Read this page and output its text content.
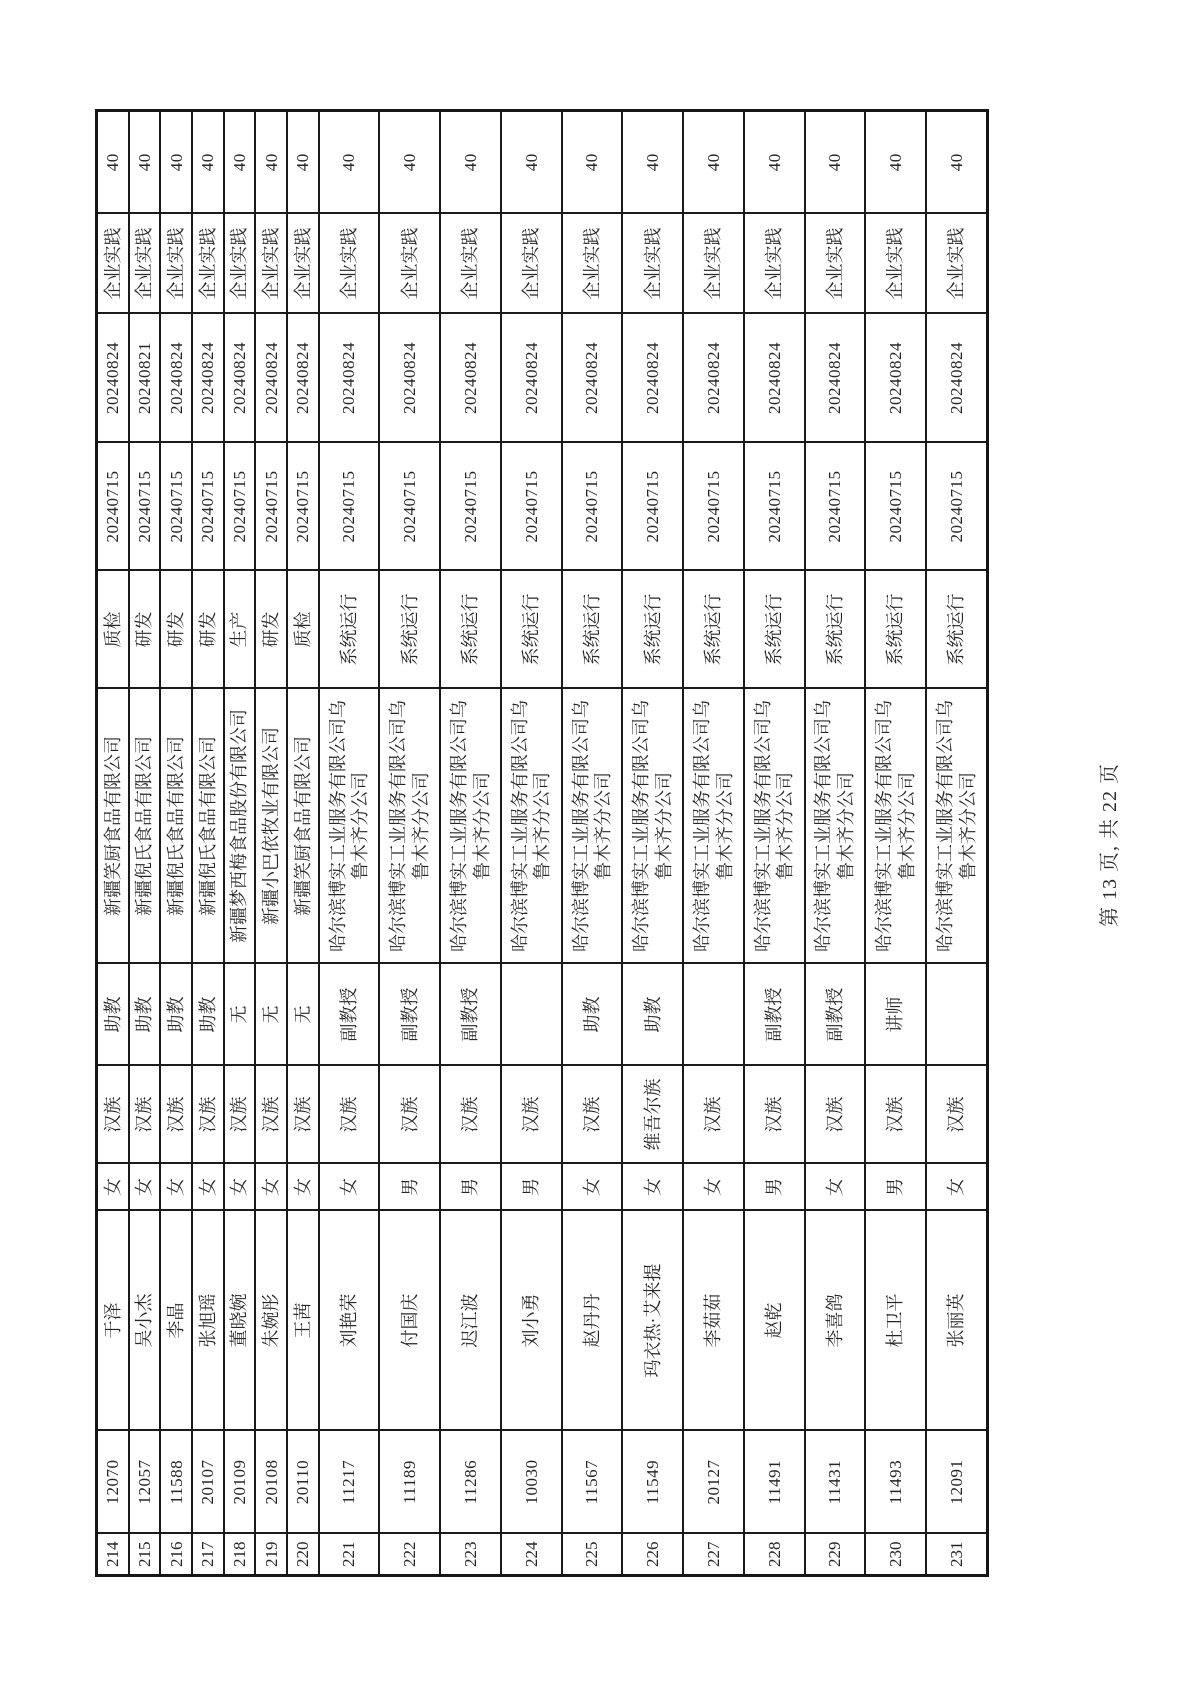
214	12070	于泽	女	汉族	助教	新疆笑厨食品有限公司	质检	20240715	20240824	企业实践	40
215	12057	吴小杰	女	汉族	助教	新疆倪氏食品有限公司	研发	20240715	20240821	企业实践	40
216	11588	李晶	女	汉族	助教	新疆倪氏食品有限公司	研发	20240715	20240824	企业实践	40
217	20107	张旭瑶	女	汉族	助教	新疆倪氏食品有限公司	研发	20240715	20240824	企业实践	40
218	20109	董晓婉	女	汉族	无	新疆梦西梅食品股份有限公司	生产	20240715	20240824	企业实践	40
219	20108	朱婉彤	女	汉族	无	新疆小巴依牧业有限公司	研发	20240715	20240824	企业实践	40
220	20110	王茜	女	汉族	无	新疆笑厨食品有限公司	质检	20240715	20240824	企业实践	40
221	11217	刘艳荣	女	汉族	副教授	哈尔滨博实工业服务有限公司乌鲁木齐分公司	系统运行	20240715	20240824	企业实践	40
222	11189	付国庆	男	汉族	副教授	哈尔滨博实工业服务有限公司乌鲁木齐分公司	系统运行	20240715	20240824	企业实践	40
223	11286	迟江波	男	汉族	副教授	哈尔滨博实工业服务有限公司乌鲁木齐分公司	系统运行	20240715	20240824	企业实践	40
224	10030	刘小勇	男	汉族		哈尔滨博实工业服务有限公司乌鲁木齐分公司	系统运行	20240715	20240824	企业实践	40
225	11567	赵丹丹	女	汉族	助教	哈尔滨博实工业服务有限公司乌鲁木齐分公司	系统运行	20240715	20240824	企业实践	40
226	11549	玛衣热·艾来提	女	维吾尔族	助教	哈尔滨博实工业服务有限公司乌鲁木齐分公司	系统运行	20240715	20240824	企业实践	40
227	20127	李茹茹	女	汉族		哈尔滨博实工业服务有限公司乌鲁木齐分公司	系统运行	20240715	20240824	企业实践	40
228	11491	赵乾	男	汉族	副教授	哈尔滨博实工业服务有限公司乌鲁木齐分公司	系统运行	20240715	20240824	企业实践	40
229	11431	李喜鸽	女	汉族	副教授	哈尔滨博实工业服务有限公司乌鲁木齐分公司	系统运行	20240715	20240824	企业实践	40
230	11493	杜卫平	男	汉族	讲师	哈尔滨博实工业服务有限公司乌鲁木齐分公司	系统运行	20240715	20240824	企业实践	40
231	12091	张丽英	女	汉族		哈尔滨博实工业服务有限公司乌鲁木齐分公司	系统运行	20240715	20240824	企业实践	40
第 13 页, 共 22 页
